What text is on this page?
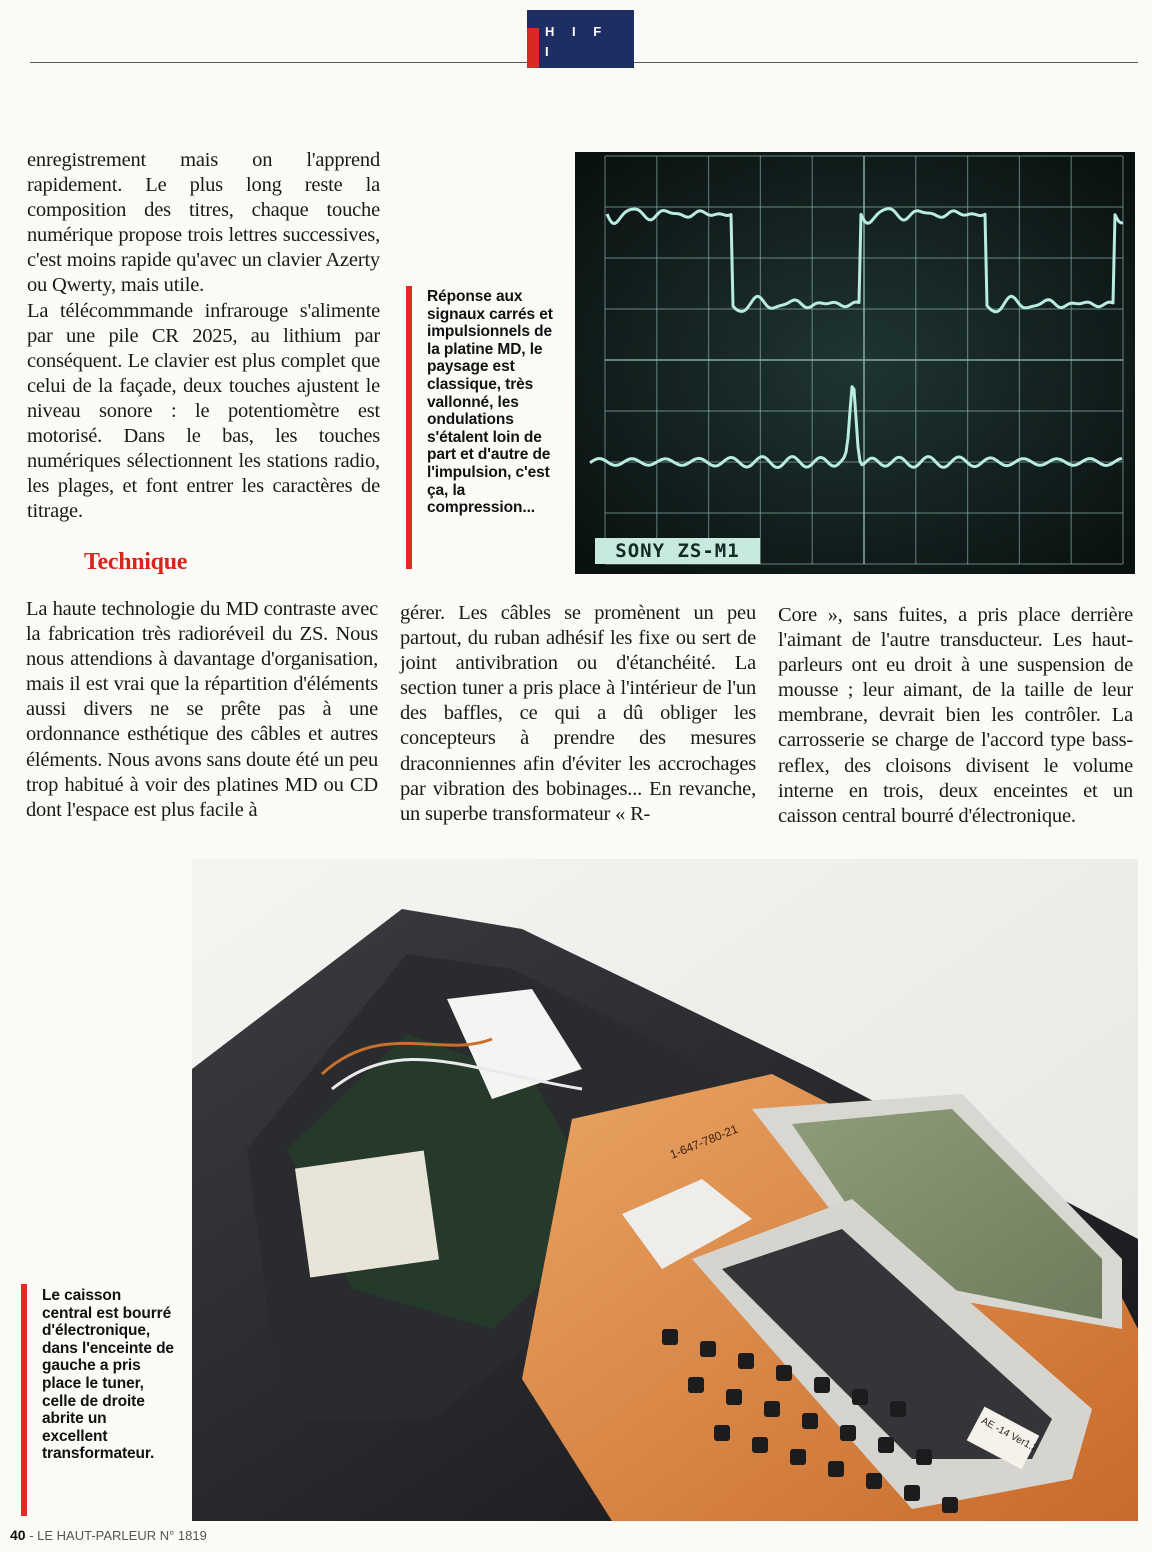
H I F I

enregistrement mais on l'apprend rapidement. Le plus long reste la composition des titres, chaque touche numérique propose trois lettres successives, c'est moins rapide qu'avec un clavier Azerty ou Qwerty, mais utile.

La télécommmande infrarouge s'alimente par une pile CR 2025, au lithium par conséquent. Le clavier est plus complet que celui de la façade, deux touches ajustent le niveau sonore : le potentiomètre est motorisé. Dans le bas, les touches numériques sélectionnent les stations radio, les plages, et font entrer les caractères de titrage.

Technique

La haute technologie du MD contraste avec la fabrication très radioréveil du ZS. Nous nous attendions à davantage d'organisation, mais il est vrai que la répartition d'éléments aussi divers ne se prête pas à une ordonnance esthétique des câbles et autres éléments. Nous avons sans doute été un peu trop habitué à voir des platines MD ou CD dont l'espace est plus facile à

gérer. Les câbles se promènent un peu partout, du ruban adhésif les fixe ou sert de joint antivibration ou d'étanchéité. La section tuner a pris place à l'intérieur de l'un des baffles, ce qui a dû obliger les concepteurs à prendre des mesures draconniennes afin d'éviter les accrochages par vibration des bobinages... En revanche, un superbe transformateur « R-

Core », sans fuites, a pris place derrière l'aimant de l'autre transducteur. Les haut-parleurs ont eu droit à une suspension de mousse ; leur aimant, de la taille de leur membrane, devrait bien les contrôler. La carrosserie se charge de l'accord type bass-reflex, des cloisons divisent le volume interne en trois, deux enceintes et un caisson central bourré d'électronique.

Réponse aux signaux carrés et impulsionnels de la platine MD, le paysage est classique, très vallonné, les ondulations s'étalent loin de part et d'autre de l'impulsion, c'est ça, la compression...
SONY ZS-M1
Le caisson central est bourré d'électronique, dans l'enceinte de gauche a pris place le tuner, celle de droite abrite un excellent transformateur.
1-647-780-21
AE -14 Ver1.2
40 - LE HAUT-PARLEUR N° 1819
